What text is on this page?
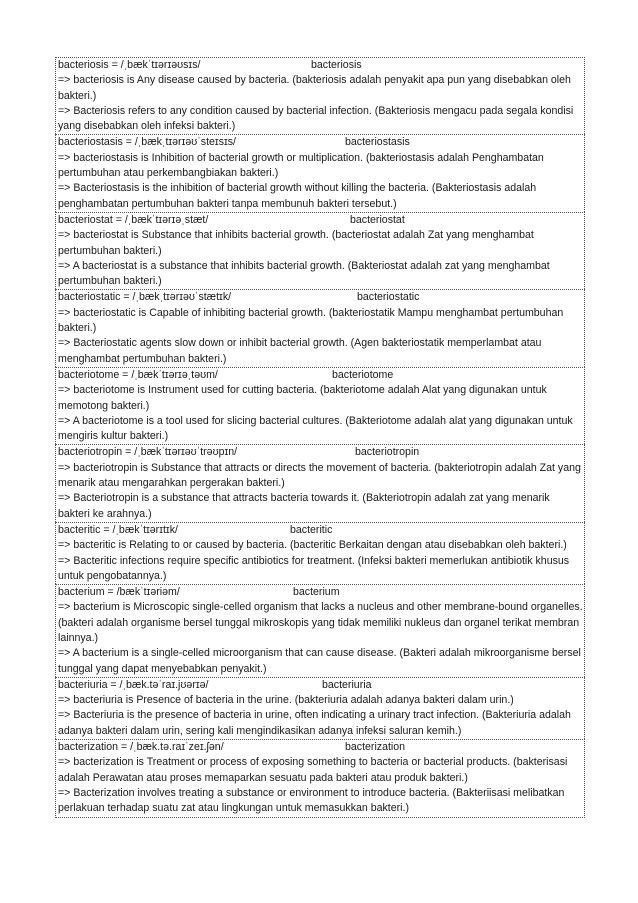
bacteriosis = /ˌbækˈtɪərɪəʊsɪs/	bacteriosis
=> bacteriosis is Any disease caused by bacteria. (bakteriosis adalah penyakit apa pun yang disebabkan oleh bakteri.)
=> Bacteriosis refers to any condition caused by bacterial infection. (Bakteriosis mengacu pada segala kondisi yang disebabkan oleh infeksi bakteri.)
bacteriostasis = /ˌbækˌtɪərɪəʊˈsteɪsɪs/	bacteriostasis
=> bacteriostasis is Inhibition of bacterial growth or multiplication. (bakteriostasis adalah Penghambatan pertumbuhan atau perkembangbiakan bakteri.)
=> Bacteriostasis is the inhibition of bacterial growth without killing the bacteria. (Bakteriostasis adalah penghambatan pertumbuhan bakteri tanpa membunuh bakteri tersebut.)
bacteriostat = /ˌbækˈtɪərɪəˌstæt/	bacteriostat
=> bacteriostat is Substance that inhibits bacterial growth. (bacteriostat adalah Zat yang menghambat pertumbuhan bakteri.)
=> A bacteriostat is a substance that inhibits bacterial growth. (Bakteriostat adalah zat yang menghambat pertumbuhan bakteri.)
bacteriostatic = /ˌbækˌtɪərɪəʊˈstætɪk/	bacteriostatic
=> bacteriostatic is Capable of inhibiting bacterial growth. (bakteriostatik Mampu menghambat pertumbuhan bakteri.)
=> Bacteriostatic agents slow down or inhibit bacterial growth. (Agen bakteriostatik memperlambat atau menghambat pertumbuhan bakteri.)
bacteriotome = /ˌbækˈtɪərɪəˌtəʊm/	bacteriotome
=> bacteriotome is Instrument used for cutting bacteria. (bakteriotome adalah Alat yang digunakan untuk memotong bakteri.)
=> A bacteriotome is a tool used for slicing bacterial cultures. (Bakteriotome adalah alat yang digunakan untuk mengiris kultur bakteri.)
bacteriotropin = /ˌbækˈtɪərɪəʊˈtrəʊpɪn/	bacteriotropin
=> bacteriotropin is Substance that attracts or directs the movement of bacteria. (bakteriotropin adalah Zat yang menarik atau mengarahkan pergerakan bakteri.)
=> Bacteriotropin is a substance that attracts bacteria towards it. (Bakteriotropin adalah zat yang menarik bakteri ke arahnya.)
bacteritic = /ˌbækˈtɪərɪtɪk/	bacteritic
=> bacteritic is Relating to or caused by bacteria. (bacteritic Berkaitan dengan atau disebabkan oleh bakteri.)
=> Bacteritic infections require specific antibiotics for treatment. (Infeksi bakteri memerlukan antibiotik khusus untuk pengobatannya.)
bacterium = /bækˈtɪəriəm/	bacterium
=> bacterium is Microscopic single-celled organism that lacks a nucleus and other membrane-bound organelles. (bakteri adalah organisme bersel tunggal mikroskopis yang tidak memiliki nukleus dan organel terikat membran lainnya.)
=> A bacterium is a single-celled microorganism that can cause disease. (Bakteri adalah mikroorganisme bersel tunggal yang dapat menyebabkan penyakit.)
bacteriuria = /ˌbæk.təˈraɪ.jʊərɪə/	bacteriuria
=> bacteriuria is Presence of bacteria in the urine. (bakteriuria adalah adanya bakteri dalam urin.)
=> Bacteriuria is the presence of bacteria in urine, often indicating a urinary tract infection. (Bakteriuria adalah adanya bakteri dalam urin, sering kali mengindikasikan adanya infeksi saluran kemih.)
bacterization = /ˌbæk.tə.raɪˈzeɪ.ʃən/	bacterization
=> bacterization is Treatment or process of exposing something to bacteria or bacterial products. (bakterisasi adalah Perawatan atau proses memaparkan sesuatu pada bakteri atau produk bakteri.)
=> Bacterization involves treating a substance or environment to introduce bacteria. (Bakteriisasi melibatkan perlakuan terhadap suatu zat atau lingkungan untuk memasukkan bakteri.)
